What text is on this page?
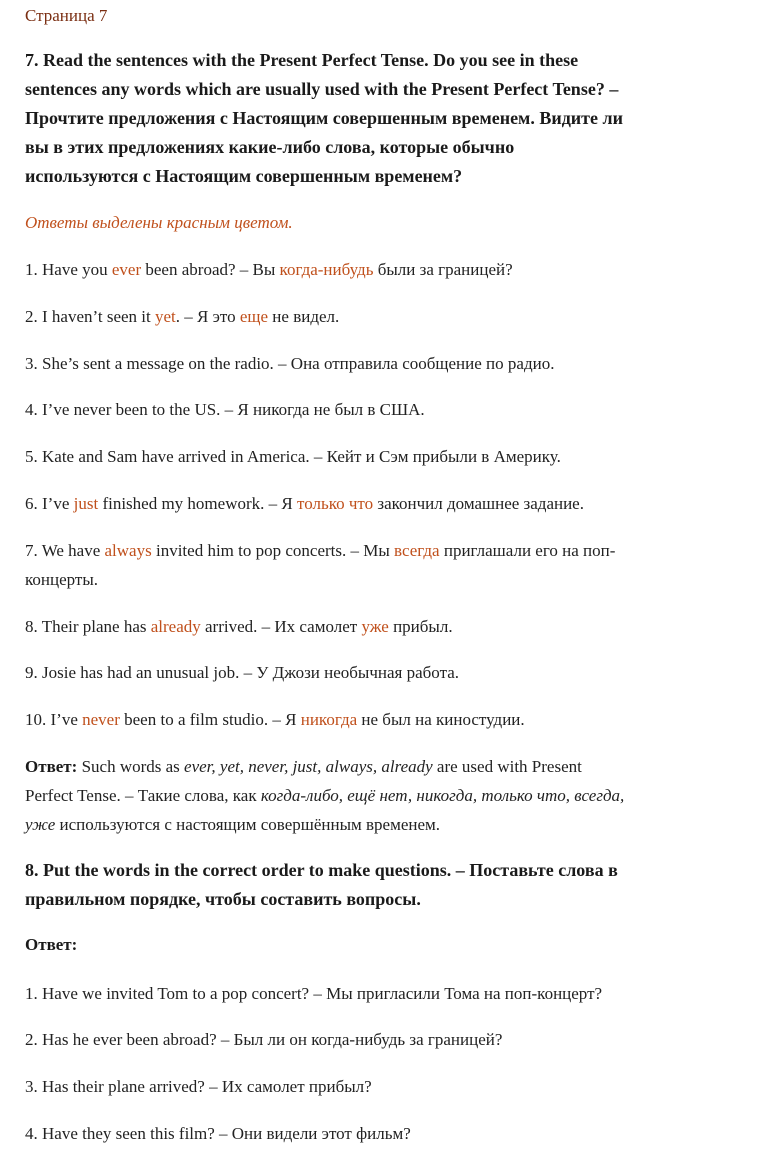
Страница 7
7. Read the sentences with the Present Perfect Tense. Do you see in these
sentences any words which are usually used with the Present Perfect Tense? –
Прочтите предложения с Настоящим совершенным временем. Видите ли
вы в этих предложениях какие-либо слова, которые обычно
используются с Настоящим совершенным временем?
Ответы выделены красным цветом.
1. Have you ever been abroad? – Вы когда-нибудь были за границей?
2. I haven’t seen it yet. – Я это еще не видел.
3. She’s sent a message on the radio. – Она отправила сообщение по радио.
4. I’ve never been to the US. – Я никогда не был в США.
5. Kate and Sam have arrived in America. – Кейт и Сэм прибыли в Америку.
6. I’ve just finished my homework. – Я только что закончил домашнее задание.
7. We have always invited him to pop concerts. – Мы всегда приглашали его на поп-
концерты.
8. Their plane has already arrived. – Их самолет уже прибыл.
9. Josie has had an unusual job. – У Джози необычная работа.
10. I’ve never been to a film studio. – Я никогда не был на киностудии.
Ответ: Such words as ever, yet, never, just, always, already are used with Present
Perfect Tense. – Такие слова, как когда-либо, ещё нет, никогда, только что, всегда,
уже используются с настоящим совершённым временем.
8. Put the words in the correct order to make questions. – Поставьте слова в
правильном порядке, чтобы составить вопросы.
Ответ:
1. Have we invited Tom to a pop concert? – Мы пригласили Тома на поп-концерт?
2. Has he ever been abroad? – Был ли он когда-нибудь за границей?
3. Has their plane arrived? – Их самолет прибыл?
4. Have they seen this film? – Они видели этот фильм?
